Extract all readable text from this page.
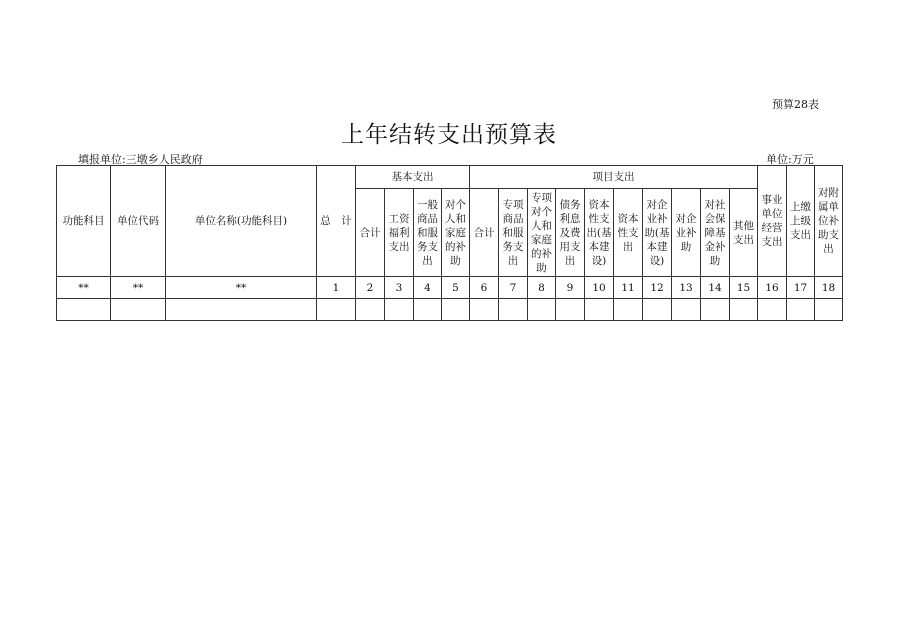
预算28表
上年结转支出预算表
填报单位:三墩乡人民政府	单位:万元
功能科目	单位代码	单位名称(功能科目)	总　计	基本支出				项目支出										事业单位经营支出	上缴上级支出	对附属单位补助支出
				合计	工资福利支出	一般商品和服务支出	对个人和家庭的补助	合计	专项商品和服务支出	专项对个人和家庭的补助	债务利息及费用支出	资本性支出(基本建设)	资本性支出	对企业补助(基本建设)	对企业补助	对社会保障基金补助	其他支出			
**	**	**	1	2	3	4	5	6	7	8	9	10	11	12	13	14	15	16	17	18
